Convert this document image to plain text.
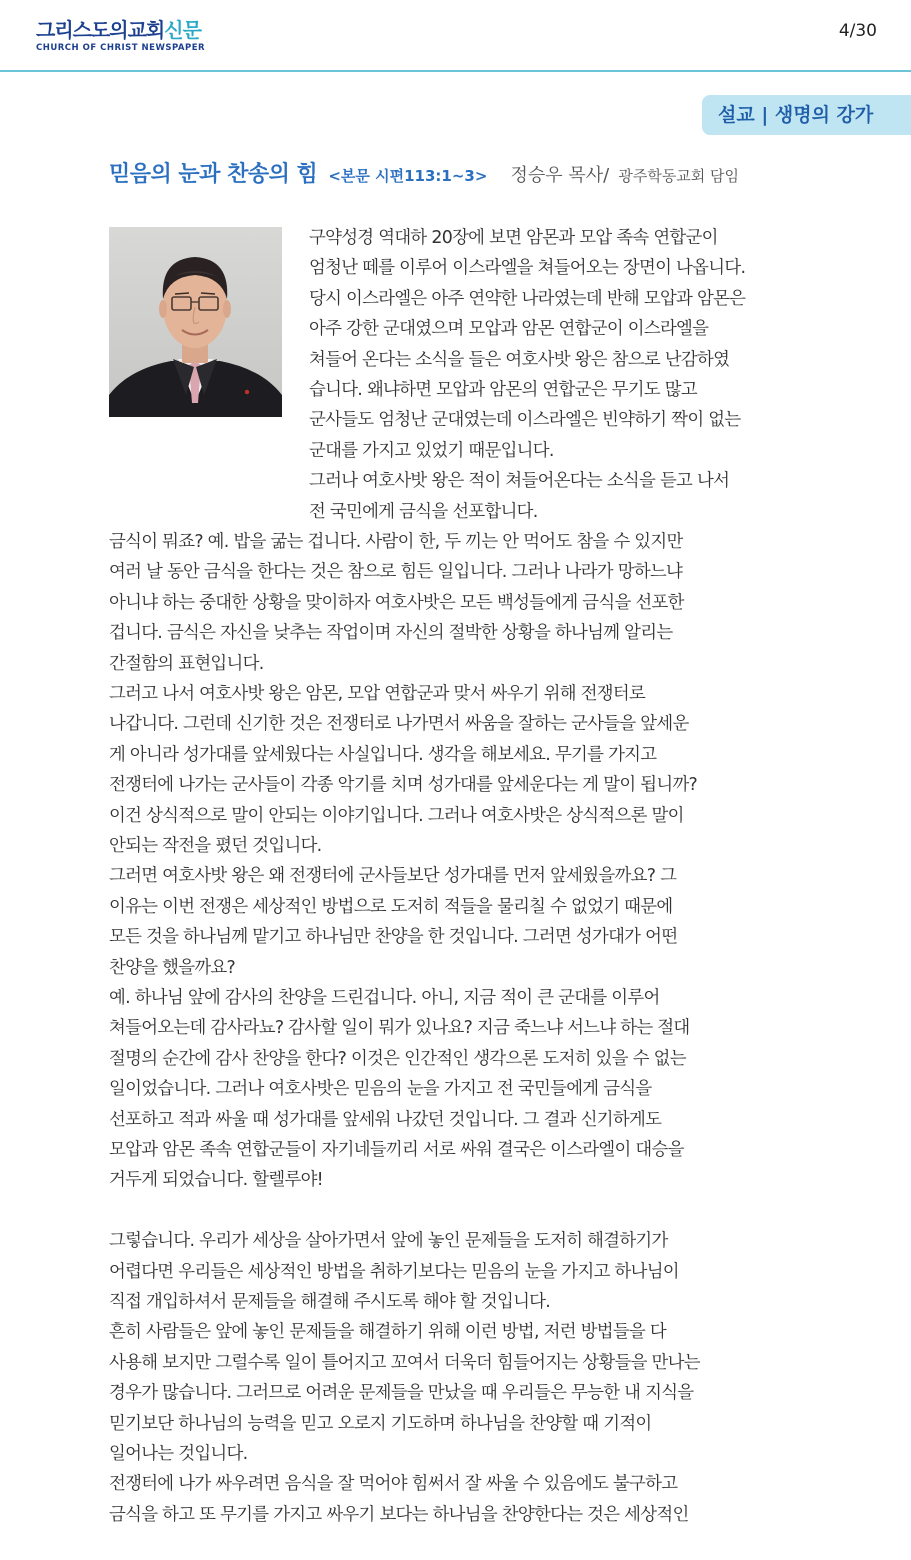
그리스도의교회신문
CHURCH OF CHRIST NEWSPAPER
4/30
설교 | 생명의 강가
믿음의 눈과 찬송의 힘 <본문 시편113:1~3> 정승우 목사/ 광주학동교회 담임
구약성경 역대하 20장에 보면 암몬과 모압 족속 연합군이
엄청난 떼를 이루어 이스라엘을 쳐들어오는 장면이 나옵니다.
당시 이스라엘은 아주 연약한 나라였는데 반해 모압과 암몬은
아주 강한 군대였으며 모압과 암몬 연합군이 이스라엘을
쳐들어 온다는 소식을 들은 여호사밧 왕은 참으로 난감하였
습니다. 왜냐하면 모압과 암몬의 연합군은 무기도 많고
군사들도 엄청난 군대였는데 이스라엘은 빈약하기 짝이 없는
군대를 가지고 있었기 때문입니다.
그러나 여호사밧 왕은 적이 쳐들어온다는 소식을 듣고 나서
전 국민에게 금식을 선포합니다.
금식이 뭐죠? 예. 밥을 굶는 겁니다. 사람이 한, 두 끼는 안 먹어도 참을 수 있지만
여러 날 동안 금식을 한다는 것은 참으로 힘든 일입니다. 그러나 나라가 망하느냐
아니냐 하는 중대한 상황을 맞이하자 여호사밧은 모든 백성들에게 금식을 선포한
겁니다. 금식은 자신을 낮추는 작업이며 자신의 절박한 상황을 하나님께 알리는
간절함의 표현입니다.
그러고 나서 여호사밧 왕은 암몬, 모압 연합군과 맞서 싸우기 위해 전쟁터로
나갑니다. 그런데 신기한 것은 전쟁터로 나가면서 싸움을 잘하는 군사들을 앞세운
게 아니라 성가대를 앞세웠다는 사실입니다. 생각을 해보세요. 무기를 가지고
전쟁터에 나가는 군사들이 각종 악기를 치며 성가대를 앞세운다는 게 말이 됩니까?
이건 상식적으로 말이 안되는 이야기입니다. 그러나 여호사밧은 상식적으론 말이
안되는 작전을 폈던 것입니다.
그러면 여호사밧 왕은 왜 전쟁터에 군사들보단 성가대를 먼저 앞세웠을까요? 그
이유는 이번 전쟁은 세상적인 방법으로 도저히 적들을 물리칠 수 없었기 때문에
모든 것을 하나님께 맡기고 하나님만 찬양을 한 것입니다. 그러면 성가대가 어떤
찬양을 했을까요?
예. 하나님 앞에 감사의 찬양을 드린겁니다. 아니, 지금 적이 큰 군대를 이루어
쳐들어오는데 감사라뇨? 감사할 일이 뭐가 있나요? 지금 죽느냐 서느냐 하는 절대
절명의 순간에 감사 찬양을 한다? 이것은 인간적인 생각으론 도저히 있을 수 없는
일이었습니다. 그러나 여호사밧은 믿음의 눈을 가지고 전 국민들에게 금식을
선포하고 적과 싸울 때 성가대를 앞세워 나갔던 것입니다. 그 결과 신기하게도
모압과 암몬 족속 연합군들이 자기네들끼리 서로 싸워 결국은 이스라엘이 대승을
거두게 되었습니다. 할렐루야!
그렇습니다. 우리가 세상을 살아가면서 앞에 놓인 문제들을 도저히 해결하기가
어렵다면 우리들은 세상적인 방법을 취하기보다는 믿음의 눈을 가지고 하나님이
직접 개입하셔서 문제들을 해결해 주시도록 해야 할 것입니다.
흔히 사람들은 앞에 놓인 문제들을 해결하기 위해 이런 방법, 저런 방법들을 다
사용해 보지만 그럴수록 일이 틀어지고 꼬여서 더욱더 힘들어지는 상황들을 만나는
경우가 많습니다. 그러므로 어려운 문제들을 만났을 때 우리들은 무능한 내 지식을
믿기보단 하나님의 능력을 믿고 오로지 기도하며 하나님을 찬양할 때 기적이
일어나는 것입니다.
전쟁터에 나가 싸우려면 음식을 잘 먹어야 힘써서 잘 싸울 수 있음에도 불구하고
금식을 하고 또 무기를 가지고 싸우기 보다는 하나님을 찬양한다는 것은 세상적인
